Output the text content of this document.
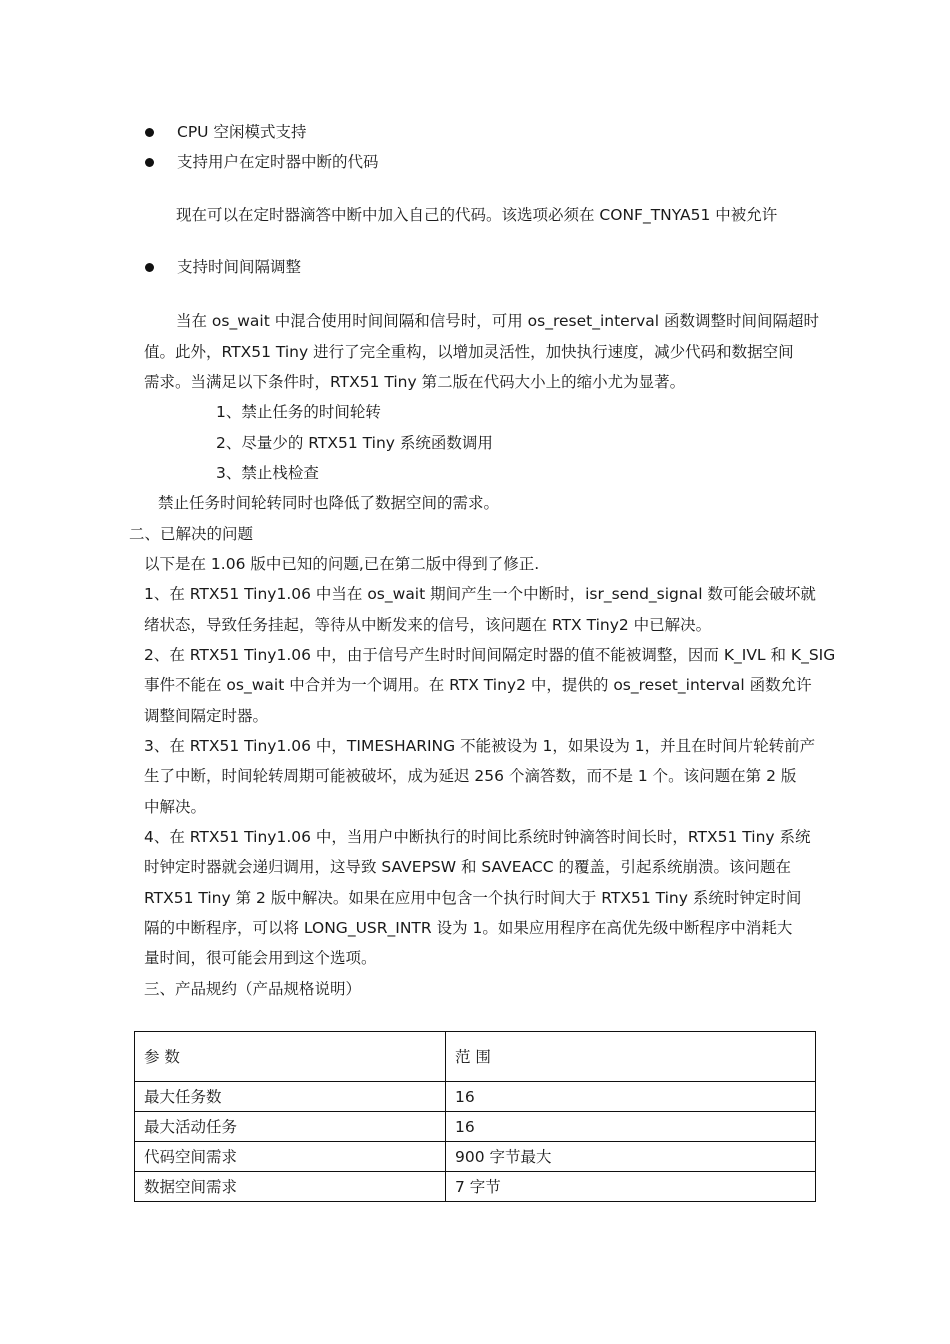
CPU 空闲模式支持
支持用户在定时器中断的代码
现在可以在定时器滴答中断中加入自己的代码。该选项必须在 CONF_TNYA51 中被允许
支持时间间隔调整
当在 os_wait 中混合使用时间间隔和信号时，可用 os_reset_interval 函数调整时间间隔超时
值。此外，RTX51 Tiny 进行了完全重构，以增加灵活性，加快执行速度，减少代码和数据空间
需求。当满足以下条件时，RTX51 Tiny 第二版在代码大小上的缩小尤为显著。
1、禁止任务的时间轮转
2、尽量少的 RTX51 Tiny 系统函数调用
3、禁止栈检查
禁止任务时间轮转同时也降低了数据空间的需求。
二、已解决的问题
以下是在 1.06 版中已知的问题,已在第二版中得到了修正.
1、在 RTX51 Tiny1.06 中当在 os_wait 期间产生一个中断时，isr_send_signal 数可能会破坏就
绪状态，导致任务挂起，等待从中断发来的信号，该问题在 RTX Tiny2 中已解决。
2、在 RTX51 Tiny1.06 中，由于信号产生时时间间隔定时器的值不能被调整，因而 K_IVL 和 K_SIG
事件不能在 os_wait 中合并为一个调用。在 RTX Tiny2 中，提供的 os_reset_interval 函数允许
调整间隔定时器。
3、在 RTX51 Tiny1.06 中，TIMESHARING 不能被设为 1，如果设为 1，并且在时间片轮转前产
生了中断，时间轮转周期可能被破坏，成为延迟 256 个滴答数，而不是 1 个。该问题在第 2 版
中解决。
4、在 RTX51 Tiny1.06 中，当用户中断执行的时间比系统时钟滴答时间长时，RTX51 Tiny 系统
时钟定时器就会递归调用，这导致 SAVEPSW 和 SAVEACC 的覆盖，引起系统崩溃。该问题在
RTX51 Tiny 第 2 版中解决。如果在应用中包含一个执行时间大于 RTX51 Tiny 系统时钟定时间
隔的中断程序，可以将 LONG_USR_INTR 设为 1。如果应用程序在高优先级中断程序中消耗大
量时间，很可能会用到这个选项。
三、产品规约（产品规格说明）
参 数	范 围
最大任务数	16
最大活动任务	16
代码空间需求	900 字节最大
数据空间需求	7 字节
